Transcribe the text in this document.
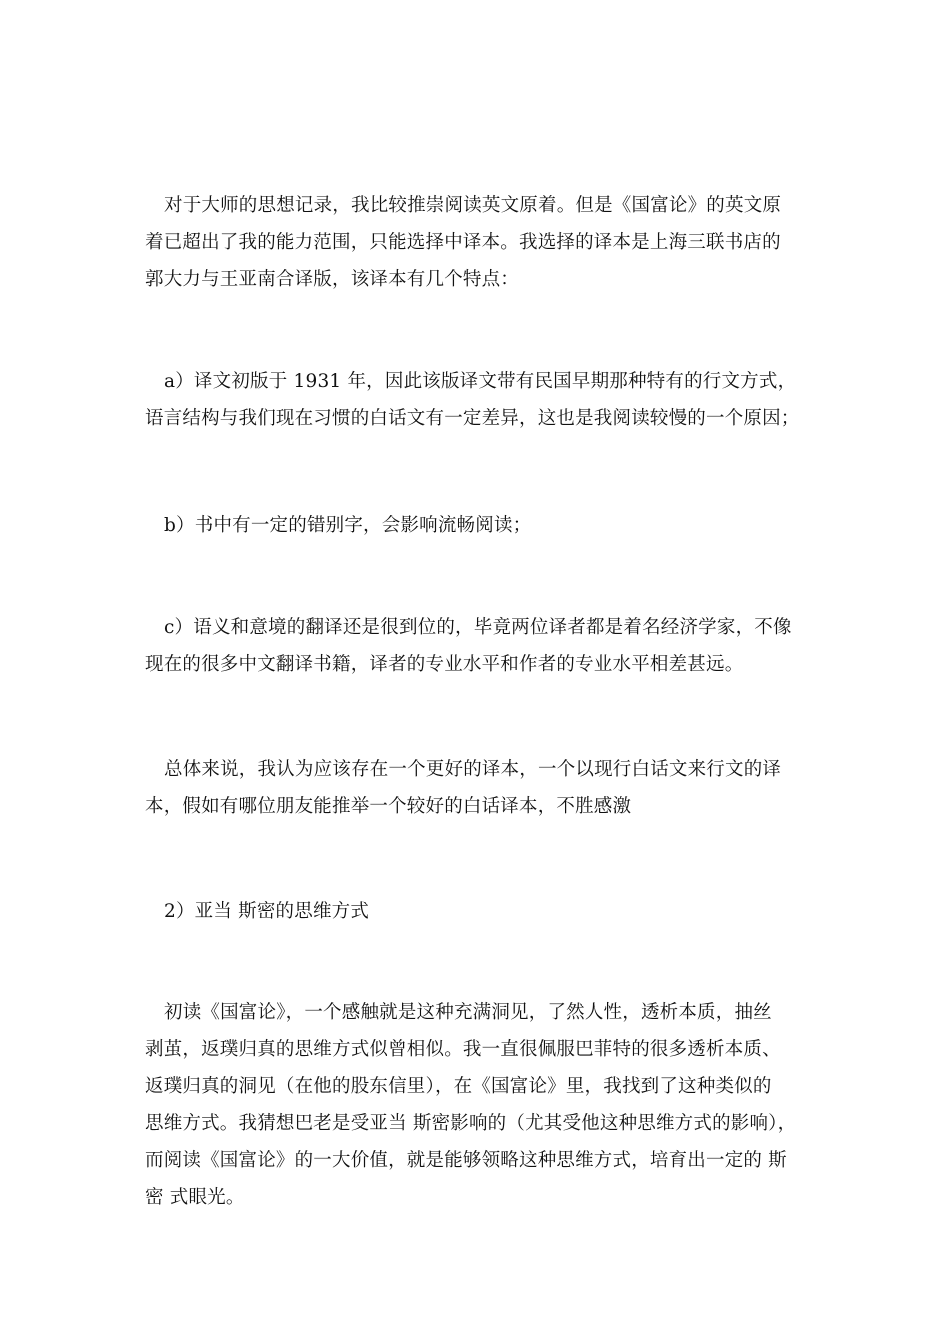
对于大师的思想记录，我比较推崇阅读英文原着。但是《国富论》的英文原
着已超出了我的能力范围，只能选择中译本。我选择的译本是上海三联书店的
郭大力与王亚南合译版，该译本有几个特点：
a）译文初版于 1931 年，因此该版译文带有民国早期那种特有的行文方式，
语言结构与我们现在习惯的白话文有一定差异，这也是我阅读较慢的一个原因；
b）书中有一定的错别字，会影响流畅阅读；
c）语义和意境的翻译还是很到位的，毕竟两位译者都是着名经济学家，不像
现在的很多中文翻译书籍，译者的专业水平和作者的专业水平相差甚远。
总体来说，我认为应该存在一个更好的译本，一个以现行白话文来行文的译
本，假如有哪位朋友能推举一个较好的白话译本，不胜感激
2）亚当 斯密的思维方式
初读《国富论》，一个感触就是这种充满洞见，了然人性，透析本质，抽丝
剥茧，返璞归真的思维方式似曾相似。我一直很佩服巴菲特的很多透析本质、
返璞归真的洞见（在他的股东信里），在《国富论》里，我找到了这种类似的
思维方式。我猜想巴老是受亚当 斯密影响的（尤其受他这种思维方式的影响），
而阅读《国富论》的一大价值，就是能够领略这种思维方式，培育出一定的 斯
密 式眼光。
